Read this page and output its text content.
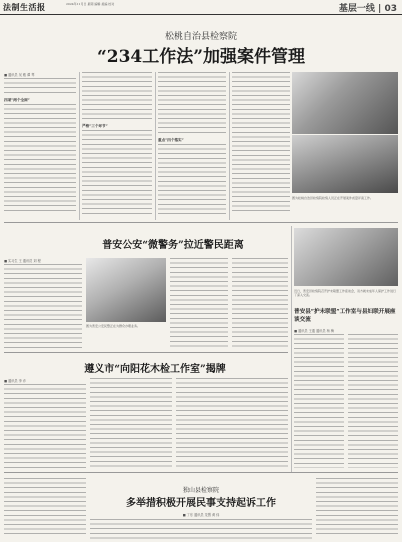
法制生活报	2024年11月日 星期 编辑 美编 校对	基层一线 | 03
松桃自治县检察院
“234工作法”加强案件管理
■ 通讯员 吴 雅 谭 琴
四项“两个全面”
严格“三个环节”
重点“四个落实”
图为松桃自治县检察院检察人员正在开展案件质量评查工作。
普安公安“微警务”拉近警民距离
■ 实习生 王 通讯员 刘 程
图为普安公安民警正在为群众办理业务。
遵义市“向阳花木检工作室”揭牌
■ 通讯员 李 乔
近日，普安县检察院召开护未联盟工作座谈会，双方就未成年人保护工作进行了深入交流。
普安县“护未联盟”工作室与县妇联开展座谈交流
■ 通讯员 王通 通讯员 杨 梅
独山县检察院
多举措积极开展民事支持起诉工作
■ 丁东 通讯员 龙慧 黄 伟
